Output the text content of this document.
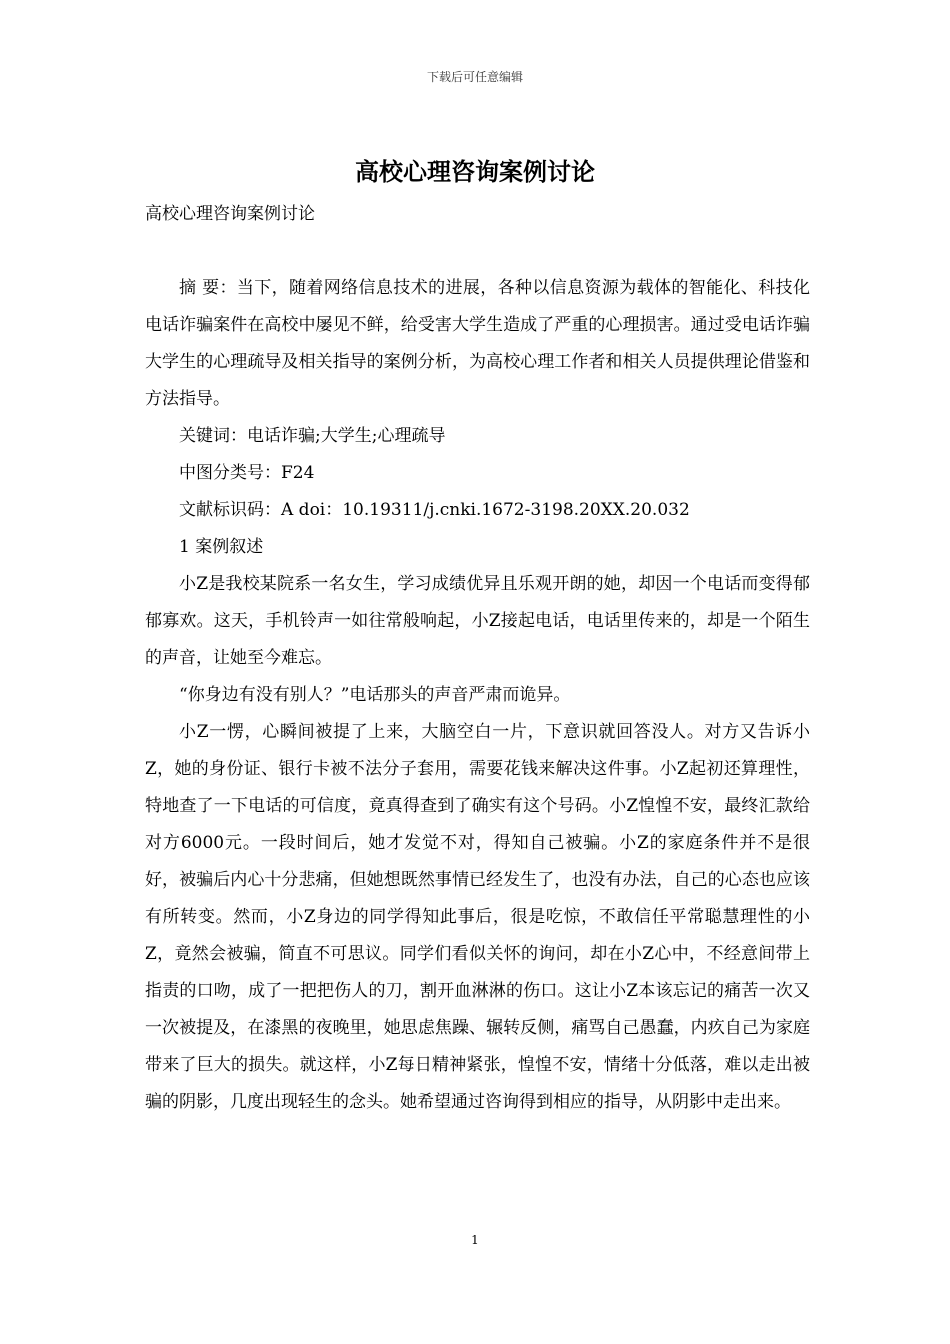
下载后可任意编辑
高校心理咨询案例讨论

高校心理咨询案例讨论

摘 要：当下，随着网络信息技术的进展，各种以信息资源为载体的智能化、科技化电话诈骗案件在高校中屡见不鲜，给受害大学生造成了严重的心理损害。通过受电话诈骗大学生的心理疏导及相关指导的案例分析，为高校心理工作者和相关人员提供理论借鉴和方法指导。

关键词：电话诈骗;大学生;心理疏导

中图分类号：F24

文献标识码：A doi：10.19311/j.cnki.1672-3198.20XX.20.032

1 案例叙述

小Z是我校某院系一名女生，学习成绩优异且乐观开朗的她，却因一个电话而变得郁郁寡欢。这天，手机铃声一如往常般响起，小Z接起电话，电话里传来的，却是一个陌生的声音，让她至今难忘。

“你身边有没有别人？”电话那头的声音严肃而诡异。

小Z一愣，心瞬间被提了上来，大脑空白一片，下意识就回答没人。对方又告诉小Z，她的身份证、银行卡被不法分子套用，需要花钱来解决这件事。小Z起初还算理性，特地查了一下电话的可信度，竟真得查到了确实有这个号码。小Z惶惶不安，最终汇款给对方6000元。一段时间后，她才发觉不对，得知自己被骗。小Z的家庭条件并不是很好，被骗后内心十分悲痛，但她想既然事情已经发生了，也没有办法，自己的心态也应该有所转变。然而，小Z身边的同学得知此事后，很是吃惊，不敢信任平常聪慧理性的小Z，竟然会被骗，简直不可思议。同学们看似关怀的询问，却在小Z心中，不经意间带上指责的口吻，成了一把把伤人的刀，割开血淋淋的伤口。这让小Z本该忘记的痛苦一次又一次被提及，在漆黑的夜晚里，她思虑焦躁、辗转反侧，痛骂自己愚蠢，内疚自己为家庭带来了巨大的损失。就这样，小Z每日精神紧张，惶惶不安，情绪十分低落，难以走出被骗的阴影，几度出现轻生的念头。她希望通过咨询得到相应的指导，从阴影中走出来。

1
